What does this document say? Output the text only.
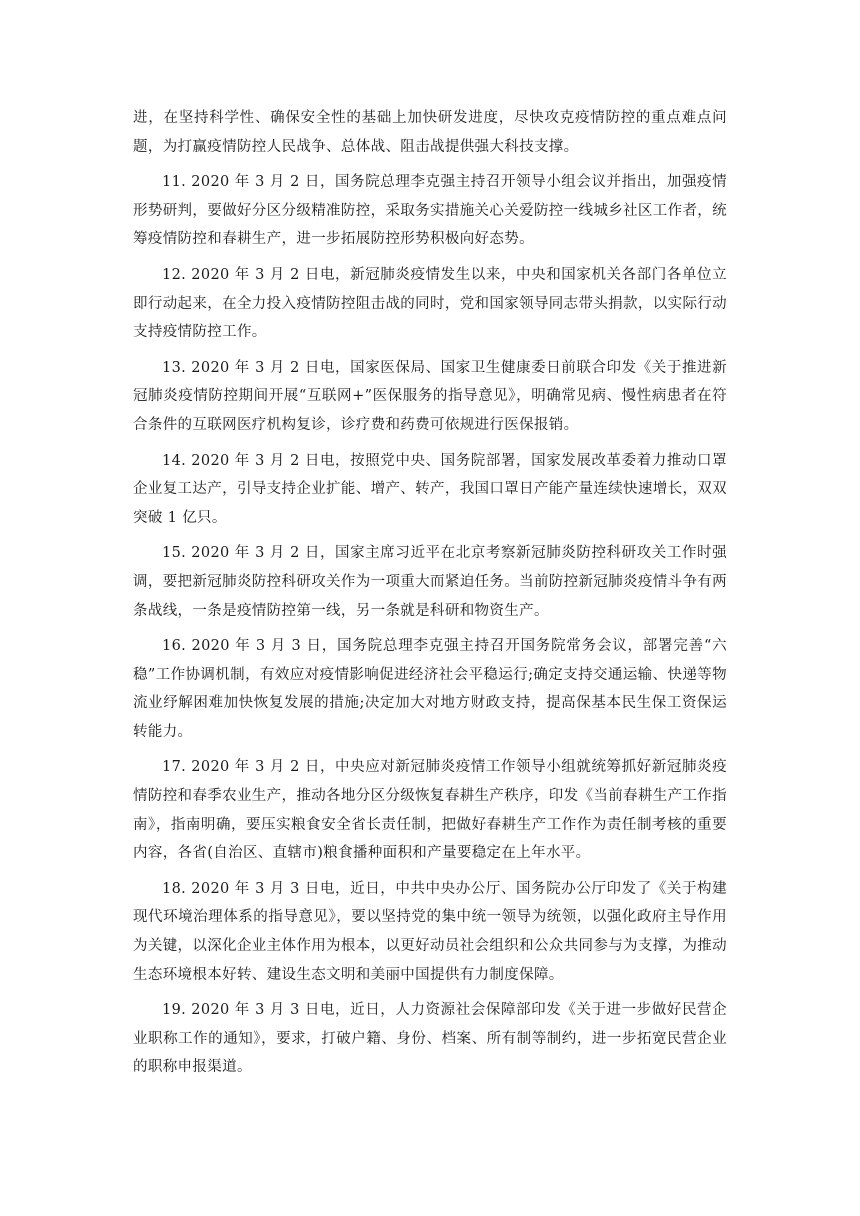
进，在坚持科学性、确保安全性的基础上加快研发进度，尽快攻克疫情防控的重点难点问题，为打赢疫情防控人民战争、总体战、阻击战提供强大科技支撑。

11. 2020 年 3 月 2 日，国务院总理李克强主持召开领导小组会议并指出，加强疫情形势研判，要做好分区分级精准防控，采取务实措施关心关爱防控一线城乡社区工作者，统筹疫情防控和春耕生产，进一步拓展防控形势积极向好态势。

12. 2020 年 3 月 2 日电，新冠肺炎疫情发生以来，中央和国家机关各部门各单位立即行动起来，在全力投入疫情防控阻击战的同时，党和国家领导同志带头捐款，以实际行动支持疫情防控工作。

13. 2020 年 3 月 2 日电，国家医保局、国家卫生健康委日前联合印发《关于推进新冠肺炎疫情防控期间开展“互联网+”医保服务的指导意见》，明确常见病、慢性病患者在符合条件的互联网医疗机构复诊，诊疗费和药费可依规进行医保报销。

14. 2020 年 3 月 2 日电，按照党中央、国务院部署，国家发展改革委着力推动口罩企业复工达产，引导支持企业扩能、增产、转产，我国口罩日产能产量连续快速增长，双双突破 1 亿只。

15. 2020 年 3 月 2 日，国家主席习近平在北京考察新冠肺炎防控科研攻关工作时强调，要把新冠肺炎防控科研攻关作为一项重大而紧迫任务。当前防控新冠肺炎疫情斗争有两条战线，一条是疫情防控第一线，另一条就是科研和物资生产。

16. 2020 年 3 月 3 日，国务院总理李克强主持召开国务院常务会议，部署完善“六稳”工作协调机制，有效应对疫情影响促进经济社会平稳运行;确定支持交通运输、快递等物流业纾解困难加快恢复发展的措施;决定加大对地方财政支持，提高保基本民生保工资保运转能力。

17. 2020 年 3 月 2 日，中央应对新冠肺炎疫情工作领导小组就统筹抓好新冠肺炎疫情防控和春季农业生产，推动各地分区分级恢复春耕生产秩序，印发《当前春耕生产工作指南》，指南明确，要压实粮食安全省长责任制，把做好春耕生产工作作为责任制考核的重要内容，各省(自治区、直辖市)粮食播种面积和产量要稳定在上年水平。

18. 2020 年 3 月 3 日电，近日，中共中央办公厅、国务院办公厅印发了《关于构建现代环境治理体系的指导意见》，要以坚持党的集中统一领导为统领，以强化政府主导作用为关键，以深化企业主体作用为根本，以更好动员社会组织和公众共同参与为支撑，为推动生态环境根本好转、建设生态文明和美丽中国提供有力制度保障。

19. 2020 年 3 月 3 日电，近日，人力资源社会保障部印发《关于进一步做好民营企业职称工作的通知》，要求，打破户籍、身份、档案、所有制等制约，进一步拓宽民营企业的职称申报渠道。
